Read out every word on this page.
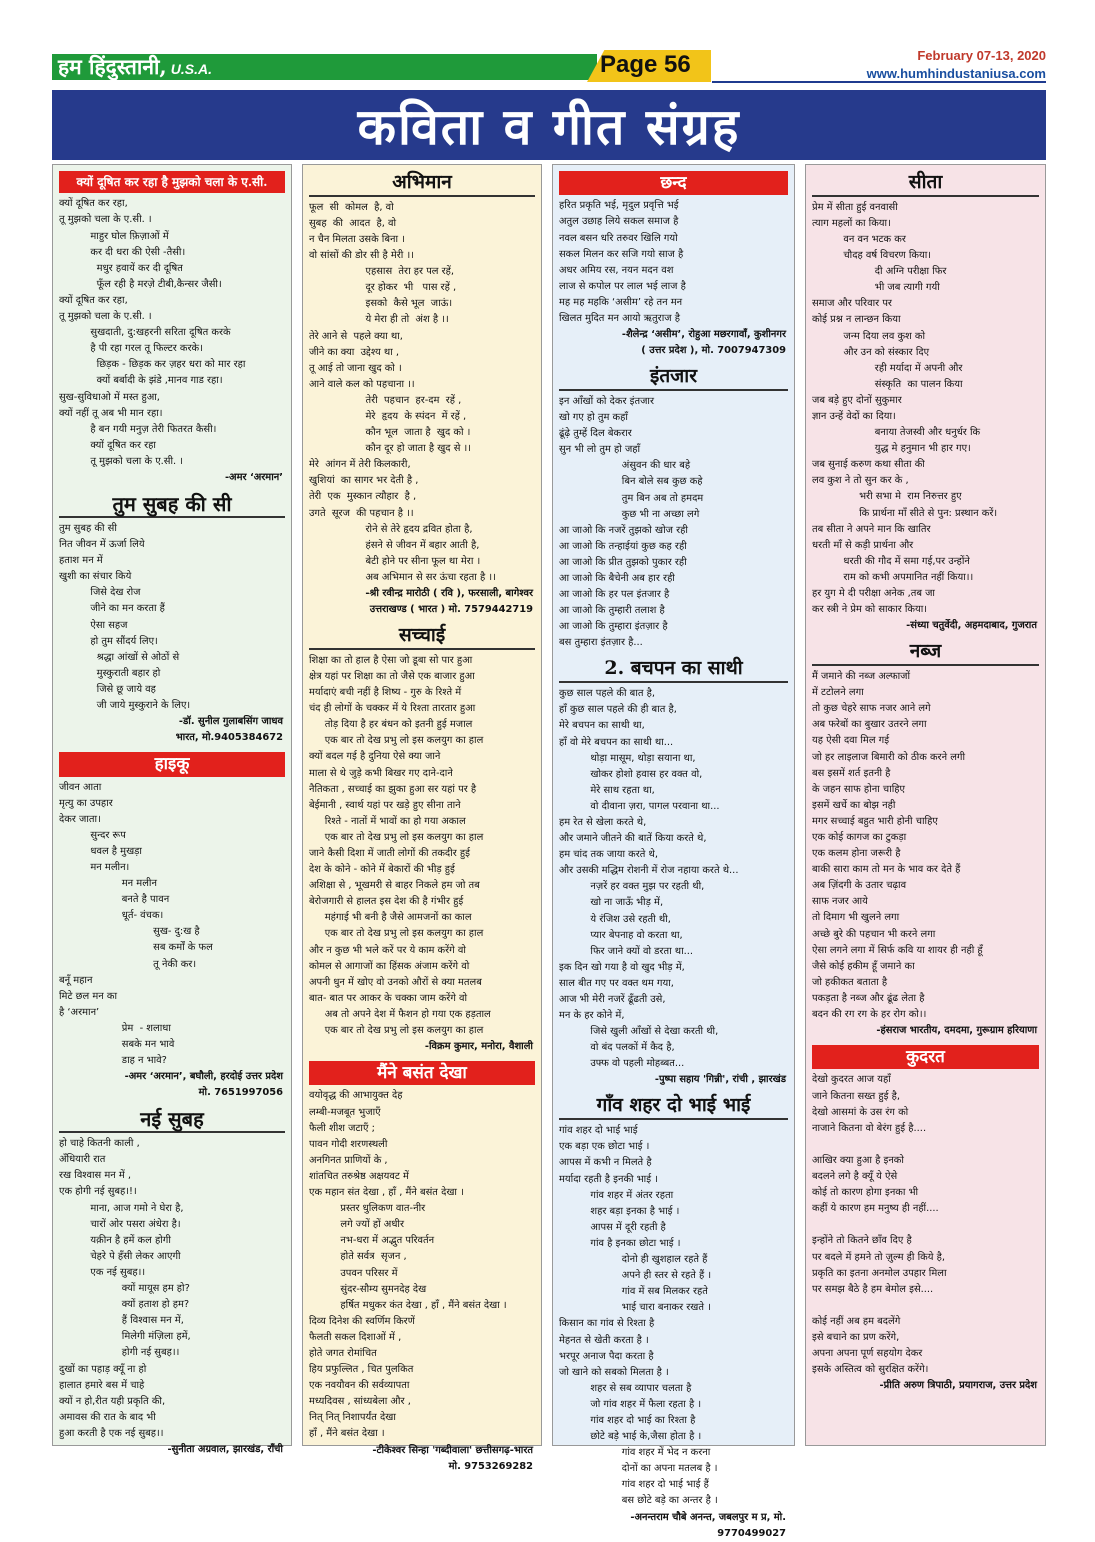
हम हिंदुस्तानी, U.S.A.	Page 56	February 07-13, 2020
www.humhindustaniusa.com
कविता व गीत संग्रह
क्यों दूषित कर रहा है मुझको चला के ए.सी.
क्यों दूषित कर रहा,
तू मुझको चला के ए.सी. ।
माहुर घोल फ़िज़ाओं में
कर दी धरा की ऐसी -तैसी।
मधुर हवायें कर दी दूषित
फूँल रही है मरज़े टीबी,कैन्सर जैसी।
क्यों दूषित कर रहा,
तू मुझको चला के ए.सी. ।
सुखदाती, दु:खहरनी सरिता दूषित करके
है पी रहा गरल तू फिल्टर करके।
छिड़क - छिड़क कर ज़हर धरा को मार रहा
क्यों बर्बादी के झंडे ,मानव गाड रहा।
सुख-सुविधाओ में मस्त हुआ,
क्यों नहीं तू अब भी मान रहा।
है बन गयी मनुज़ तेरी फितरत कैसी।
क्यों दूषित कर रहा
तू मुझको चला के ए.सी. ।
-अमर ‘अरमान’
तुम सुबह की सी
तुम सुबह की सी
नित जीवन में ऊर्जा लिये
हताश मन में
खुशी का संचार किये
जिसे देख रोज
जीने का मन करता हैं
ऐसा सहज
हो तुम सौंदर्य लिए।
श्रद्धा आंखों से ओठों से
मुस्कुराती बहार हो
जिसे छू जाये वह
जी जाये मुस्कुराने के लिए।
-डॉ. सुनील गुलाबसिंग जाधव
भारत, मो.9405384672
हाइकू
जीवन आता
मृत्यु का उपहार
देकर जाता।
सुन्दर रूप
धवल है मुखड़ा
मन मलीन।
मन मलीन
बनते है पावन
धूर्त- वंचक।
सुख- दु:ख है
सब कर्मों के फल
तू नेकी कर।
बनूँ महान
मिटे छल मन का
है ‘अरमान’
प्रेम  - शलाधा
सबके मन भावे
डाह न भावे?
-अमर ‘अरमान’, बघौली, हरदोई उत्तर प्रदेश
मो. 7651997056
नई सुबह
हो चाहे कितनी काली ,
अँधियारी रात
रख विश्वास मन में ,
एक होगी नई सुबह।!।
माना, आज गमो ने घेरा है,
चारों ओर पसरा अंधेरा है।
यक़ीन है हमें कल होगी
चेहरे पे हँसी लेकर आएगी
एक नई सुबह।।
क्यों मायूस हम हो?
क्यों हताश हो हम?
हैं विश्वास मन में,
मिलेगी मंज़िला हमें,
होगी नई सुबह।।
दुखों का पहाड़ क्यूँ ना हो
हालात हमारे बस में चाहे
क्यों न हो,रीत यही प्रकृति की,
अमावस की रात के बाद भी
हुआ करती है एक नई सुबह।।
-सुनीता अग्रवाल, झारखंड, राँची
अभिमान
फूल  सी  कोमल  है, वो
सुबह  की  आदत  है, वो
न चैन मिलता उसके बिना ।
वो सांसों की डोर सी है मेरी ।।
एहसास  तेरा हर पल रहें,
दूर होकर  भी   पास रहें ,
इसको  कैसे भूल  जाऊं।
ये मेरा ही तो  अंश है ।।
तेरे आने से  पहले क्या था,
जीने का क्या  उद्देश्य था ,
तू आई तो जाना खुद को ।
आने वाले कल को पहचाना ।।
तेरी  पहचान  हर-दम  रहें ,
मेरे  हृदय  के स्पंदन  में रहें ,
कौन भूल  जाता है  खुद को ।
कौन दूर हो जाता है खुद से ।।
मेरे  आंगन में तेरी किलकारी,
खुशियां  का सागर भर देती है ,
तेरी  एक  मुस्कान त्यौहार  है ,
उगते  सूरज  की पहचान है ।।
रोने से तेरे हृदय द्रवित होता है,
हंसने से जीवन में बहार आती है,
बेटी होने पर सीना फूल था मेरा ।
अब अभिमान से सर ऊंचा रहता है ।।
-श्री रवीन्द्र मारोठी ( रवि ), फरसाली, बागेश्वर
उत्तराखण्ड ( भारत ) मो. 7579442719
सच्चाई
शिक्षा का तो हाल है ऐसा जो डूबा सो पार हुआ
क्षेत्र यहां पर शिक्षा का तो जैसे एक बाजार हुआ
मर्यादाएं बची नहीं है शिष्य - गुरु के रिश्ते में
चंद ही लोगों के चक्कर में ये रिश्ता तारतार हुआ
तोड़ दिया है हर बंधन को इतनी हुई मजाल
एक बार तो देख प्रभु लो इस कलयुग का हाल
क्यों बदल गई है दुनिया ऐसे क्या जाने
माला से थे जुड़े कभी बिखर गए दाने-दाने
नैतिकता , सच्चाई का झुका हुआ सर यहां पर है
बेईमानी , स्वार्थ यहां पर खड़े हुए सीना ताने
रिश्ते - नातों में भावों का हो गया अकाल
एक बार तो देख प्रभु लो इस कलयुग का हाल
जाने कैसी दिशा में जाती लोगों की तकदीर हुई
देश के कोने - कोने में बेकारों की भीड़ हुई
अशिक्षा से , भूखमरी से बाहर निकले हम जो तब
बेरोजगारी से हालत इस देश की है गंभीर हुई
महंगाई भी बनी है जैसे आमजनों का काल
एक बार तो देख प्रभु लो इस कलयुग का हाल
और न कुछ भी भले करें पर ये काम करेंगे वो
कोमल से आगाजों का हिंसक अंजाम करेंगे वो
अपनी धुन में खोए वो उनको औरों से क्या मतलब
बात- बात पर आकर के चक्का जाम करेंगे वो
अब तो अपने देश में फैशन हो गया एक हड़ताल
एक बार तो देख प्रभु लो इस कलयुग का हाल
-विक्रम कुमार, मनोरा, वैशाली
मैंने बसंत देखा
वयोवृद्ध की आभायुक्त देह
लम्बी-मजबूत भुजाएँ
फैली शीश जटाएँ ;
पावन गोदी शरणस्थली
अनगिनत प्राणियों के ,
शांतचित तरुश्रेष्ठ अक्षयवट में
एक महान संत देखा , हाँ , मैंने बसंत देखा ।
प्रस्तर धुलिकण वात-नीर
लगे ज्यों हों अधीर
नभ-धरा में अद्भुत परिवर्तन
होते सर्वत्र  सृजन ,
उपवन परिसर में
सुंदर-सौम्य सुमनदेह देख
हर्षित मधुकर कंत देखा , हाँ , मैंने बसंत देखा ।
दिव्य दिनेश की स्वर्णिम किरणें
फैलती सकल दिशाओं में ,
होते जगत रोमांचित
हिय प्रफुल्लित , चित पुलकित
एक नवयौवन की सर्वव्यापता
मध्यदिवस , सांध्यबेला और ,
नित् नित् निशापर्यंत देखा
हाँ , मैंने बसंत देखा ।
-टीकेश्वर सिन्हा 'गब्दीवाला' छत्तीसगढ़-भारत
मो. 9753269282
छन्द
हरित प्रकृति भई, मृदुल प्रवृत्ति भई
अतुल उछाह लिये सकल समाज है
नवल बसन धरि तरुवर खिलि गयो
सकल मिलन कर सजि गयो साज है
अधर अमिय रस, नयन मदन वश
लाज से कपोल पर लाल भई लाज है
मह मह महकि ‘असीम’ रहे तन मन
खिलत मुदित मन आयो ऋतुराज है
-शैलेन्द्र ‘असीम’, रोहुआ मछरगावाँ, कुशीनगर
( उत्तर प्रदेश ), मो. 7007947309
इंतजार
इन आँखों को देकर इंतजार
खो गए हो तुम कहाँ
ढूंढ़े तुम्हें दिल बेकरार
सुन भी लो तुम हो जहाँ
अंसुवन की धार बहे
बिन बोले सब कुछ कहे
तुम बिन अब तो हमदम
कुछ भी ना अच्छा लगे
आ जाओ कि नजरें तुझको खोज रही
आ जाओ कि तन्हाईयां कुछ कह रही
आ जाओ कि प्रीत तुझको पुकार रही
आ जाओ कि बैचेनी अब हार रही
आ जाओ कि हर पल इंतजार है
आ जाओ कि तुम्हारी तलाश है
आ जाओ कि तुम्हारा इंतज़ार है
बस तुम्हारा इंतज़ार है...
2. बचपन का साथी
कुछ साल पहले की बात है,
हाँ कुछ साल पहले की ही बात है,
मेरे बचपन का साथी था,
हाँ वो मेरे बचपन का साथी था...
थोड़ा मासूम, थोड़ा सयाना था,
खोकर होशो हवास हर वक्त वो,
मेरे साथ रहता था,
वो दीवाना ज़रा, पागल परवाना था...
हम रेत से खेला करते थे,
और जमाने जीतने की बातें किया करते थे,
हम चांद तक जाया करते थे,
और उसकी मद्धिम रोशनी में रोज नहाया करते थे...
नज़रें हर वक्त मुझ पर रहती थी,
खो ना जाऊँ भीड़ में,
ये रंजिश उसे रहती थी,
प्यार बेपनाह वो करता था,
फिर जाने क्यों वो डरता था...
इक दिन खो गया है वो खुद भीड़ में,
साल बीत गए पर वक्त थम गया,
आज भी मेरी नजरें ढूँढती उसे,
मन के हर कोने में,
जिसे खुली आँखों से देखा करती थी,
वो बंद पलकों में कैद है,
उफ्फ वो पहली मोहब्बत...
-पुष्पा सहाय 'गिन्नी', रांची , झारखंड
गाँव शहर दो भाई भाई
गांव शहर दो भाई भाई
एक बड़ा एक छोटा भाई ।
आपस में कभी न मिलते है
मर्यादा रहती है इनकी भाई ।
गांव शहर में अंतर रहता
शहर बड़ा इनका है भाई ।
आपस में दूरी रहती है
गांव है इनका छोटा भाई ।
दोनो ही खुशहाल रहते हैं
अपने ही स्तर से रहते हैं ।
गांव में सब मिलकर रहते
भाई चारा बनाकर रखते ।
किसान का गांव से रिश्ता है
मेहनत से खेती करता है ।
भरपूर अनाज पैदा करता है
जो खाने को सबको मिलता है ।
शहर से सब व्यापार चलता है
जो गांव शहर में फैला रहता है ।
गांव शहर दो भाई का रिश्ता है
छोटे बड़े भाई के,जैसा होता है ।
गांव शहर में भेद न करना
दोनों का अपना मतलब है ।
गांव शहर दो भाई भाई हैं
बस छोटे बड़े का अन्तर है ।
-अनन्तराम चौबे अनन्त, जबलपुर म प्र, मो. 9770499027
सीता
प्रेम में सीता हुई वनवासी
त्याग महलों का किया।
वन वन भटक कर
चौदह वर्ष विचरण किया।
दी अग्नि परीक्षा फिर
भी जब त्यागी गयी
समाज और परिवार पर
कोई प्रश्न न लान्छन किया
जन्म दिया लव कुश को
और उन को संस्कार दिए
रही मर्यादा में अपनी और
संस्कृति  का पालन किया
जब बड़े हुए दोनों सुकुमार
ज्ञान उन्हें वेदों का दिया।
बनाया तेजस्वी और धनुर्धर कि
युद्ध मे हनुमान भी हार गए।
जब सुनाई करुण कथा सीता की
लव कुश ने तो सुन कर के ,
भरी सभा मे  राम निरुत्तर हुए
कि प्रार्थना माँ सीते से पुन: प्रस्थान करें।
तब सीता ने अपने मान कि खातिर
धरती माँ से कड़ी प्रार्थना और
धरती की गौद में समा गई,पर उन्होंने
राम को कभी अपमानित नहीं किया।।
हर युग मे दी परीक्षा अनेक ,तब जा
कर स्त्री ने प्रेम को साकार किया।
-संध्या चतुर्वेदी, अहमदाबाद, गुजरात
नब्ज
मैं जमाने की नब्ज अल्फाजों
में टटोलने लगा
तो कुछ चेहरे साफ नजर आने लगे
अब फरेबों का बुखार उतरने लगा
यह ऐसी दवा मिल गई
जो हर लाइलाज बिमारी को ठीक करने लगी
बस इसमें शर्त इतनी है
के जहन साफ होना चाहिए
इसमें खर्चे का बोझ नही
मगर सच्चाई बहुत भारी होनी चाहिए
एक कोई कागज का टुकड़ा
एक कलम होना जरूरी है
बाकी सारा काम तो मन के भाव कर देते हैं
अब ज़िंदगी के उतार चढ़ाव
साफ नजर आये
तो दिमाग भी खुलने लगा
अच्छे बुरे की पहचान भी करने लगा
ऐसा लगने लगा में सिर्फ कवि या शायर ही नही हूँ
जैसे कोई हकीम हूँ जमाने का
जो हकीकत बताता है
पकड़ता है नब्ज और ढूंढ लेता है
बदन की रग रग के हर रोग को।।
-हंसराज भारतीय, दमदमा, गुरूग्राम हरियाणा
कुदरत
देखो कुदरत आज यहाँ
जाने कितना सख्त हुई है,
देखो आसमां के उस रंग को
नाजाने कितना वो बेरंग हुई है....

आखिर क्या हुआ है इनको
बदलने लगे है क्यूँ ये ऐसे
कोई तो कारण होगा इनका भी
कहीं ये कारण हम मनुष्य ही नहीं....

इन्होंने तो कितने छाँव दिए है
पर बदले में हमने तो ज़ुल्म ही किये है,
प्रकृति का इतना अनमोल उपहार मिला
पर समझ बैठे है हम बेमोल इसे....

कोई नहीं अब हम बदलेंगे
इसे बचाने का प्रण करेंगे,
अपना अपना पूर्ण सहयोग देकर
इसके अस्तित्व को सुरक्षित करेंगे।
-प्रीति अरुण त्रिपाठी, प्रयागराज, उत्तर प्रदेश
